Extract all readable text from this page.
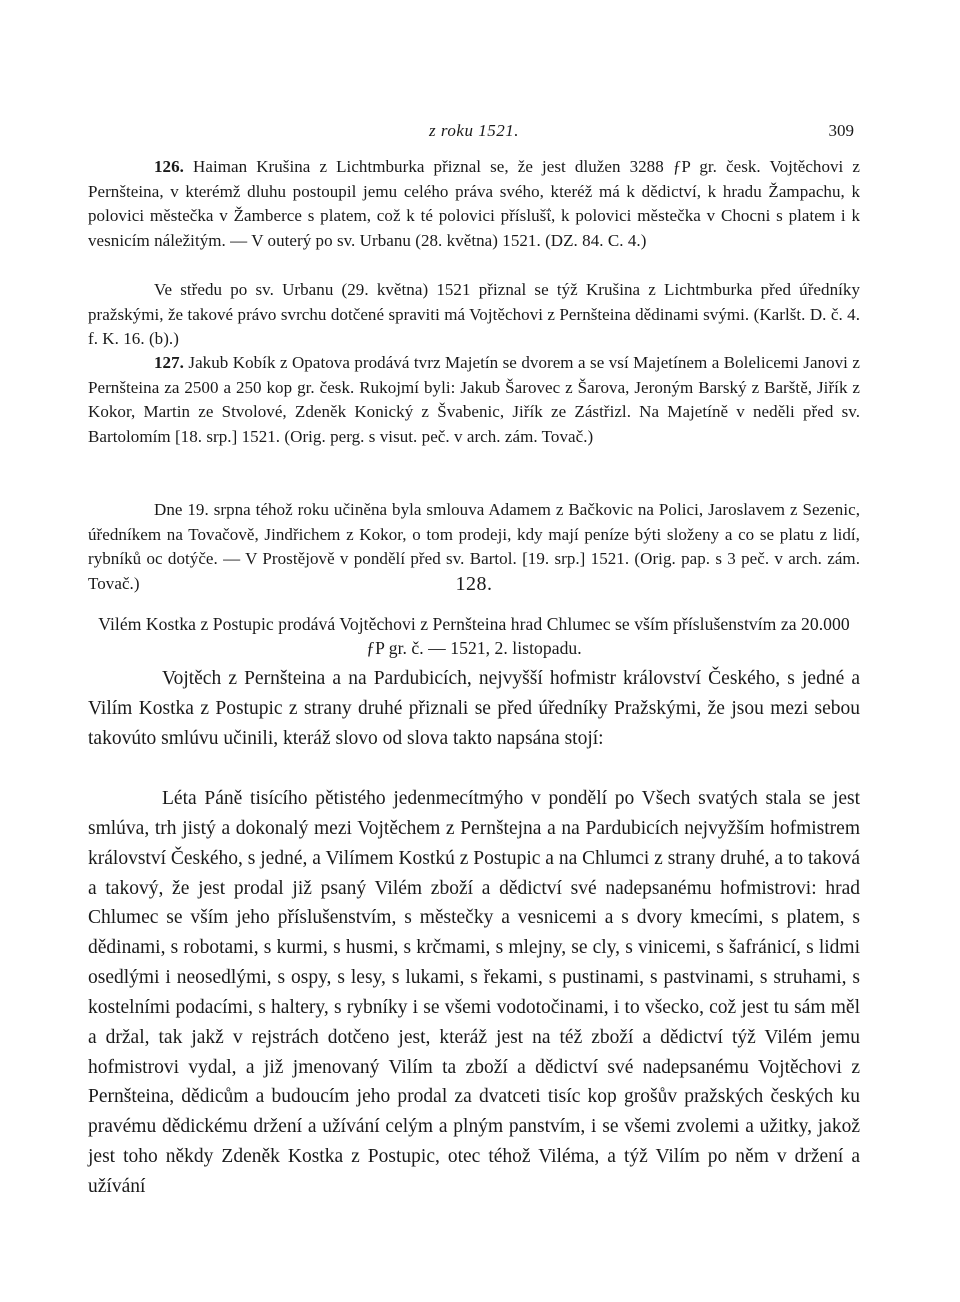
z roku 1521.	309

126. Haiman Krušina z Lichtmburka přiznal se, že jest dlužen 3288 ƒP gr. česk. Vojtěchovi z Pernšteina, v kterémž dluhu postoupil jemu celého práva svého, kteréž má k dědictví, k hradu Žampachu, k polovici městečka v Žamberce s platem, což k té polovici příslušΐ, k polovici městečka v Chocni s platem i k vesnicím náležitým. — V outerý po sv. Urbanu (28. května) 1521. (DZ. 84. C. 4.)

Ve středu po sv. Urbanu (29. května) 1521 přiznal se týž Krušina z Lichtmburka před úředníky pražskými, že takové právo svrchu dotčené spraviti má Vojtěchovi z Pernšteina dědinami svými. (Karlšt. D. č. 4. f. K. 16. (b).)

127. Jakub Kobík z Opatova prodává tvrz Majetín se dvorem a se vsí Majetínem a Bolelicemi Janovi z Pernšteina za 2500 a 250 kop gr. česk. Rukojmí byli: Jakub Šarovec z Šarova, Jeroným Barský z Barště, Jiřík z Kokor, Martin ze Stvolové, Zdeněk Konický z Švabenic, Jiřík ze Zástřizl. Na Majetíně v neděli před sv. Bartolomím [18. srp.] 1521. (Orig. perg. s visut. peč. v arch. zám. Tovač.)

Dne 19. srpna téhož roku učiněna byla smlouva Adamem z Bačkovic na Polici, Jaroslavem z Sezenic, úředníkem na Tovačově, Jindřichem z Kokor, o tom prodeji, kdy mají peníze býti složeny a co se platu z lidí, rybníků oc dotýče. — V Prostějově v pondělí před sv. Bartol. [19. srp.] 1521. (Orig. pap. s 3 peč. v arch. zám. Tovač.)	128.

Vilém Kostka z Postupic prodává Vojtěchovi z Pernšteina hrad Chlumec se vším příslušenstvím za 20.000 ƒP gr. č. — 1521, 2. listopadu.

Vojtěch z Pernšteina a na Pardubicích, nejvyšší hofmistr království Českého, s jedné a Vilím Kostka z Postupic z strany druhé přiznali se před úředníky Pražskými, že jsou mezi sebou takovúto smlúvu učinili, kteráž slovo od slova takto napsána stojí:

Léta Páně tisícího pětistého jedenmecítmýho v pondělí po Všech svatých stala se jest smlúva, trh jistý a dokonalý mezi Vojtěchem z Pernštejna a na Pardubicích nejvyžším hofmistrem království Českého, s jedné, a Vilímem Kostkú z Postupic a na Chlumci z strany druhé, a to taková a takový, že jest prodal již psaný Vilém zboží a dědictví své nadepsanému hofmistrovi: hrad Chlumec se vším jeho příslušenstvím, s městečky a vesnicemi a s dvory kmecími, s platem, s dědinami, s robotami, s kurmi, s husmi, s krčmami, s mlejny, se cly, s vinicemi, s šafránicí, s lidmi osedlými i neosedlými, s ospy, s lesy, s lukami, s řekami, s pustinami, s pastvinami, s struhami, s kostelními podacími, s haltery, s rybníky i se všemi vodotočinami, i to všecko, což jest tu sám měl a držal, tak jakž v rejstrách dotčeno jest, kteráž jest na též zboží a dědictví týž Vilém jemu hofmistrovi vydal, a již jmenovaný Vilím ta zboží a dědictví své nadepsanému Vojtěchovi z Pernšteina, dědicům a budoucím jeho prodal za dvatceti tisíc kop grošův pražských českých ku pravému dědickému držení a užívání celým a plným panstvím, i se všemi zvolemi a užitky, jakož jest toho někdy Zdeněk Kostka z Postupic, otec téhož Viléma, a týž Vilím po něm v držení a užívání
